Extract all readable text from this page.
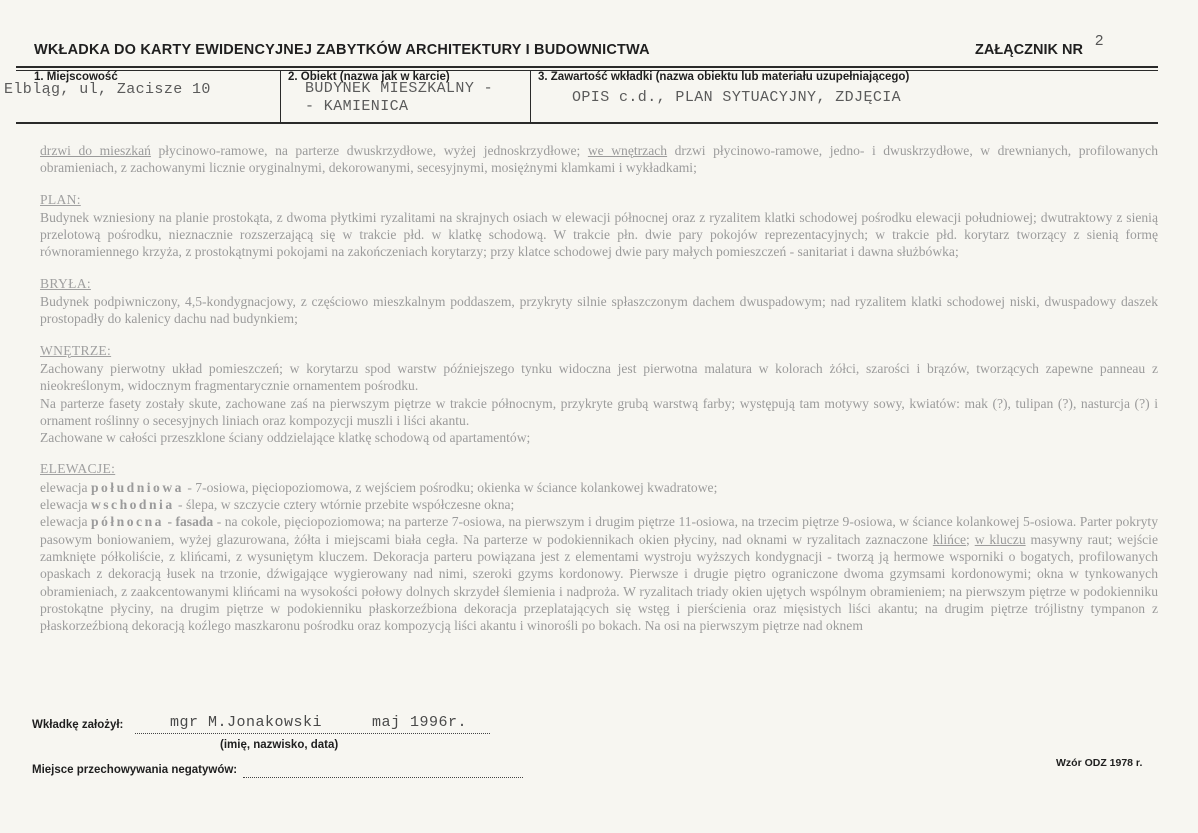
WKŁADKA DO KARTY EWIDENCYJNEJ ZABYTKÓW ARCHITEKTURY I BUDOWNICTWA	ZAŁĄCZNIK NR
2
1. Miejscowość
Elbląg, ul, Zacisze 10
2. Obiekt (nazwa jak w karcie)
BUDYNEK MIESZKALNY -
- KAMIENICA
3. Zawartość wkładki (nazwa obiektu lub materiału uzupełniającego)
OPIS c.d., PLAN SYTUACYJNY, ZDJĘCIA

drzwi do mieszkań płycinowo-ramowe, na parterze dwuskrzydłowe, wyżej jednoskrzydłowe; we wnętrzach drzwi płycinowo-ramowe, jedno- i dwuskrzydłowe, w drewnianych, profilowanych obramieniach, z zachowanymi licznie oryginalnymi, dekorowanymi, secesyjnymi, mosiężnymi klamkami i wykładkami;

PLAN:

Budynek wzniesiony na planie prostokąta, z dwoma płytkimi ryzalitami na skrajnych osiach w elewacji północnej oraz z ryzalitem klatki schodowej pośrodku elewacji południowej; dwutraktowy z sienią przelotową pośrodku, nieznacznie rozszerzającą się w trakcie płd. w klatkę schodową. W trakcie płn. dwie pary pokojów reprezentacyjnych; w trakcie płd. korytarz tworzący z sienią formę równoramiennego krzyża, z prostokątnymi pokojami na zakończeniach korytarzy; przy klatce schodowej dwie pary małych pomieszczeń - sanitariat i dawna służbówka;

BRYŁA:

Budynek podpiwniczony, 4,5-kondygnacjowy, z częściowo mieszkalnym poddaszem, przykryty silnie spłaszczonym dachem dwuspadowym; nad ryzalitem klatki schodowej niski, dwuspadowy daszek prostopadły do kalenicy dachu nad budynkiem;

WNĘTRZE:

Zachowany pierwotny układ pomieszczeń; w korytarzu spod warstw późniejszego tynku widoczna jest pierwotna malatura w kolorach żółci, szarości i brązów, tworzących zapewne panneau z nieokreślonym, widocznym fragmentarycznie ornamentem pośrodku.

Na parterze fasety zostały skute, zachowane zaś na pierwszym piętrze w trakcie północnym, przykryte grubą warstwą farby; występują tam motywy sowy, kwiatów: mak (?), tulipan (?), nasturcja (?) i ornament roślinny o secesyjnych liniach oraz kompozycji muszli i liści akantu.

Zachowane w całości przeszklone ściany oddzielające klatkę schodową od apartamentów;

ELEWACJE:

elewacja południowa - 7-osiowa, pięciopoziomowa, z wejściem pośrodku; okienka w ściance kolankowej kwadratowe;

elewacja wschodnia - ślepa, w szczycie cztery wtórnie przebite współczesne okna;

elewacja północna - fasada - na cokole, pięciopoziomowa; na parterze 7-osiowa, na pierwszym i drugim piętrze 11-osiowa, na trzecim piętrze 9-osiowa, w ściance kolankowej 5-osiowa. Parter pokryty pasowym boniowaniem, wyżej glazurowana, żółta i miejscami biała cegła. Na parterze w podokiennikach okien płyciny, nad oknami w ryzalitach zaznaczone klińce; w kluczu masywny raut; wejście zamknięte półkoliście, z klińcami, z wysuniętym kluczem. Dekoracja parteru powiązana jest z elementami wystroju wyższych kondygnacji - tworzą ją hermowe wsporniki o bogatych, profilowanych opaskach z dekoracją łusek na trzonie, dźwigające wygierowany nad nimi, szeroki gzyms kordonowy. Pierwsze i drugie piętro ograniczone dwoma gzymsami kordonowymi; okna w tynkowanych obramieniach, z zaakcentowanymi klińcami na wysokości połowy dolnych skrzydeł ślemienia i nadproża. W ryzalitach triady okien ujętych wspólnym obramieniem; na pierwszym piętrze w podokienniku prostokątne płyciny, na drugim piętrze w podokienniku płaskorzeźbiona dekoracja przeplatających się wstęg i pierścienia oraz mięsistych liści akantu; na drugim piętrze trójlistny tympanon z płaskorzeźbioną dekoracją koźlego maszkaronu pośrodku oraz kompozycją liści akantu i winorośli po bokach. Na osi na pierwszym piętrze nad oknem

Wkładkę założył:	mgr M.Jonakowski	maj 1996r.
(imię, nazwisko, data)
Miejsce przechowywania negatywów:
Wzór ODZ 1978 r.
